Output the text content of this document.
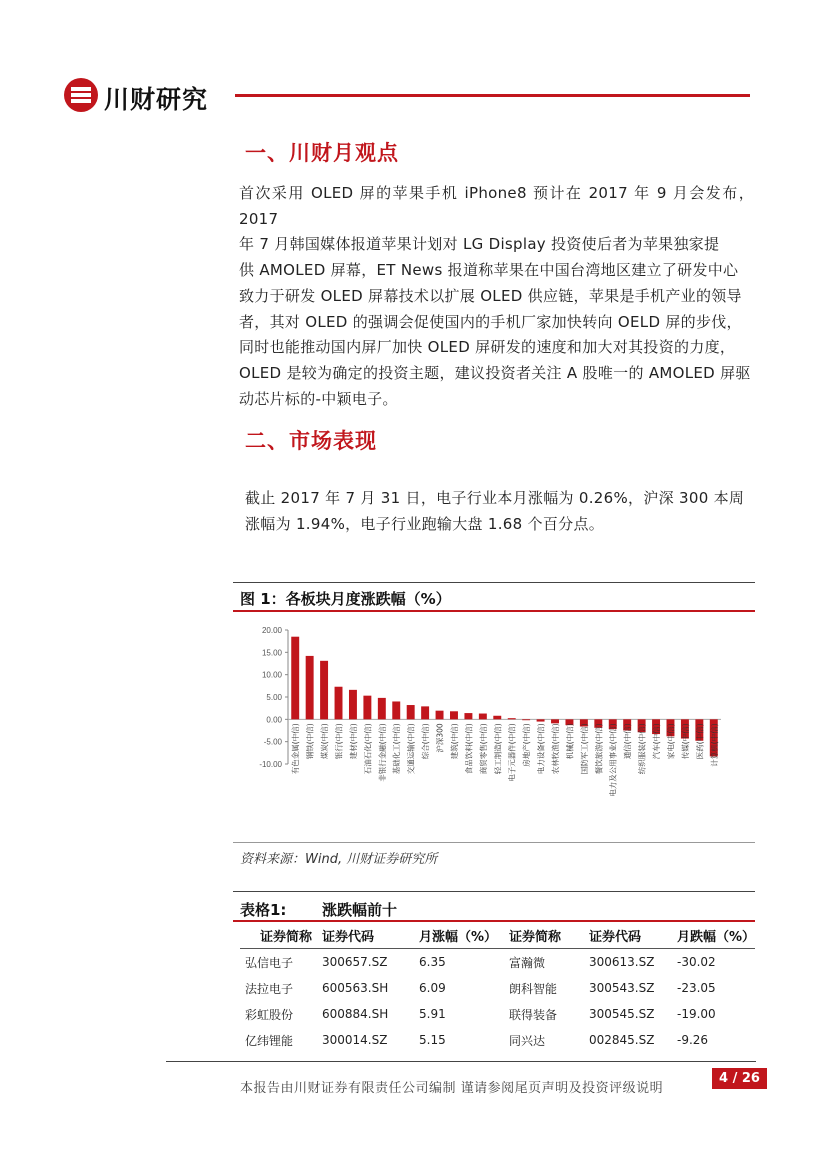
川财研究
一、川财月观点
首次采用 OLED 屏的苹果手机 iPhone8 预计在 2017 年 9 月会发布，2017
年 7 月韩国媒体报道苹果计划对 LG Display 投资使后者为苹果独家提
供 AMOLED 屏幕，ET News 报道称苹果在中国台湾地区建立了研发中心
致力于研发 OLED 屏幕技术以扩展 OLED 供应链，苹果是手机产业的领导
者，其对 OLED 的强调会促使国内的手机厂家加快转向 OELD 屏的步伐，
同时也能推动国内屏厂加快 OLED 屏研发的速度和加大对其投资的力度，
OLED 是较为确定的投资主题，建议投资者关注 A 股唯一的 AMOLED 屏驱
动芯片标的-中颖电子。
二、市场表现
截止 2017 年 7 月 31 日，电子行业本月涨幅为 0.26%，沪深 300 本周
涨幅为 1.94%，电子行业跑输大盘 1.68 个百分点。
图 1：各板块月度涨跌幅（%）
20.00
15.00
10.00
5.00
0.00
-5.00
-10.00 有色金属(中信) 钢铁(中信) 煤炭(中信) 银行(中信) 建材(中信) 石油石化(中信) 非银行金融(中信) 基础化工(中信) 交通运输(中信) 综合(中信) 沪深300 建筑(中信) 食品饮料(中信) 商贸零售(中信) 轻工制造(中信) 电子元器件(中信) 房地产(中信) 电力设备(中信) 农林牧渔(中信) 机械(中信) 国防军工(中信) 餐饮旅游(中信) 电力及公用事业(中信) 通信(中信) 纺织服装(中信) 汽车(中信) 家电(中信) 传媒(中信) 医药(中信) 计算机(中信)
资料来源：Wind, 川财证券研究所
表格1: 涨跌幅前十
证券简称	证券代码	月涨幅（%）	证券简称	证券代码	月跌幅（%）
弘信电子	300657.SZ	6.35	富瀚微	300613.SZ	-30.02
法拉电子	600563.SH	6.09	朗科智能	300543.SZ	-23.05
彩虹股份	600884.SH	5.91	联得装备	300545.SZ	-19.00
亿纬锂能	300014.SZ	5.15	同兴达	002845.SZ	-9.26
本报告由川财证券有限责任公司编制 谨请参阅尾页声明及投资评级说明
4 / 26
